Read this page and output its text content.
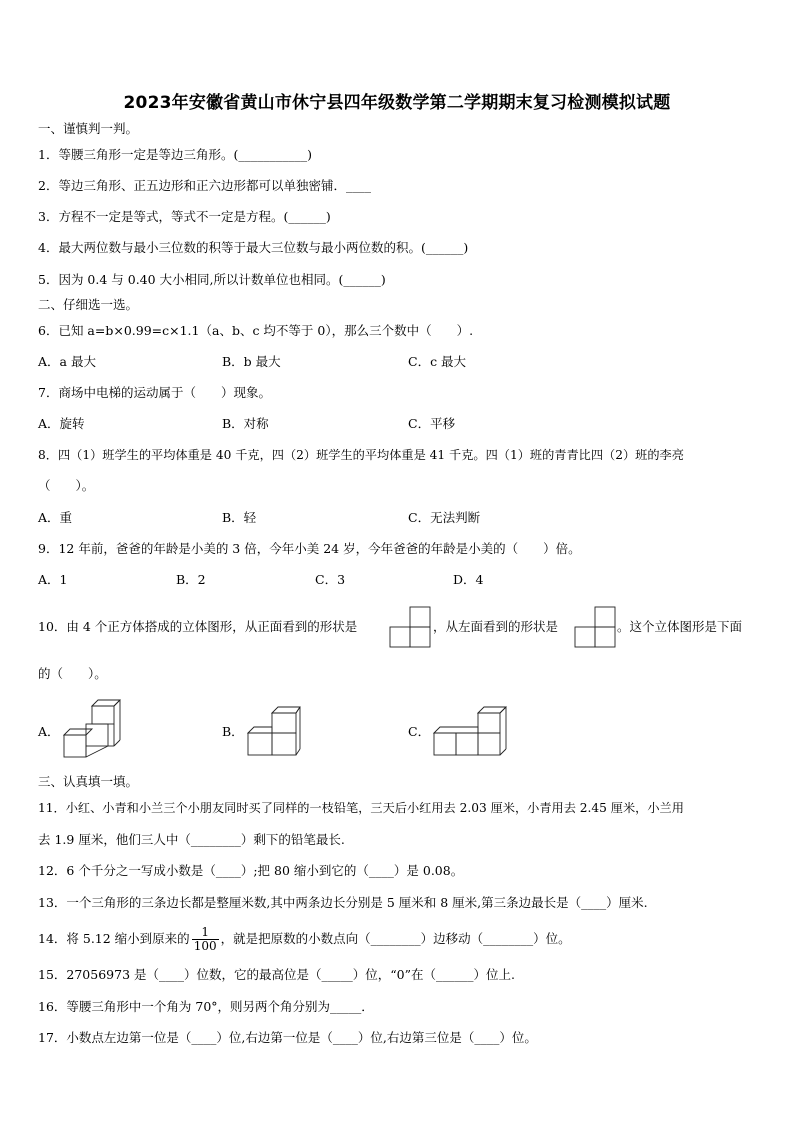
2023年安徽省黄山市休宁县四年级数学第二学期期末复习检测模拟试题
一、谨慎判一判。
1．等腰三角形一定是等边三角形。(___________)
2．等边三角形、正五边形和正六边形都可以单独密铺．____
3．方程不一定是等式，等式不一定是方程。(______)
4．最大两位数与最小三位数的积等于最大三位数与最小两位数的积。(______)
5．因为 0.4 与 0.40 大小相同,所以计数单位也相同。(______)
二、仔细选一选。
6．已知 a=b×0.99=c×1.1（a、b、c 均不等于 0），那么三个数中（　　）.
A．a 最大	B．b 最大	C．c 最大
7．商场中电梯的运动属于（　　）现象。
A．旋转	B．对称	C．平移
8．四（1）班学生的平均体重是 40 千克，四（2）班学生的平均体重是 41 千克。四（1）班的青青比四（2）班的李亮
（　　）。
A．重	B．轻	C．无法判断
9．12 年前，爸爸的年龄是小美的 3 倍，今年小美 24 岁，今年爸爸的年龄是小美的（　　）倍。
A．1	B．2	C．3	D．4
10．由 4 个正方体搭成的立体图形，从正面看到的形状是	，从左面看到的形状是	。这个立体图形是下面
的（　　）。
A．	B．	C．
三、认真填一填。
11．小红、小青和小兰三个小朋友同时买了同样的一枝铅笔，三天后小红用去 2.03 厘米，小青用去 2.45 厘米，小兰用
去 1.9 厘米，他们三人中（________）剩下的铅笔最长.
12．6 个千分之一写成小数是（____）;把 80 缩小到它的（____）是 0.08。
13．一个三角形的三条边长都是整厘米数,其中两条边长分别是 5 厘米和 8 厘米,第三条边最长是（____）厘米.
14．将 5.12 缩小到原来的 $\frac{1}{100}$ ，就是把原数的小数点向（________）边移动（________）位。
15．27056973 是（____）位数，它的最高位是（_____）位，“0”在（______）位上.
16．等腰三角形中一个角为 70°，则另两个角分别为_____．
17．小数点左边第一位是（____）位,右边第一位是（____）位,右边第三位是（____）位。
